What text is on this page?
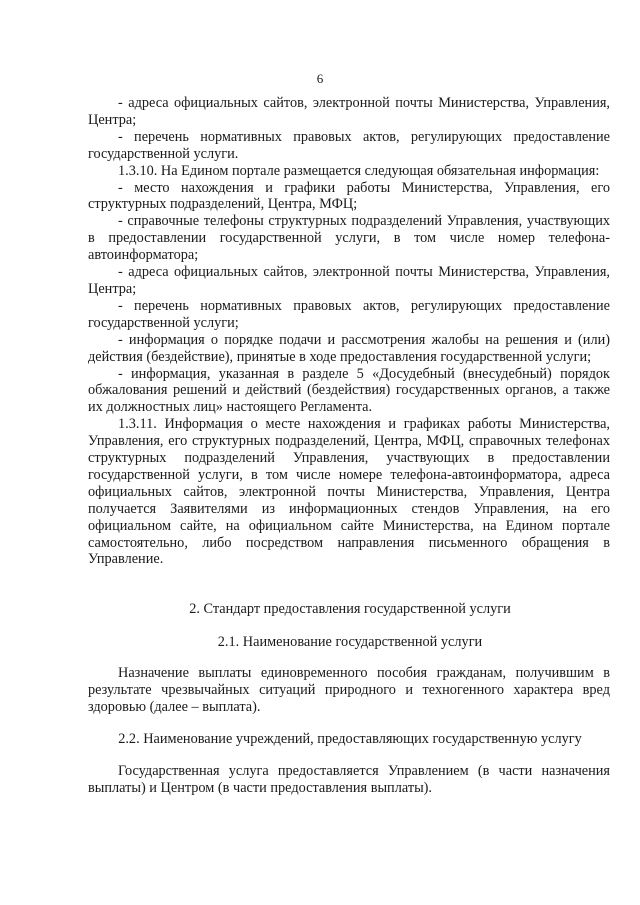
6

- адреса официальных сайтов, электронной почты Министерства, Управления, Центра;

- перечень нормативных правовых актов, регулирующих предоставление государственной услуги.

1.3.10. На Едином портале размещается следующая обязательная информация:

- место нахождения и графики работы Министерства, Управления, его структурных подразделений, Центра, МФЦ;

- справочные телефоны структурных подразделений Управления, участвующих в предоставлении государственной услуги, в том числе номер телефона-автоинформатора;

- адреса официальных сайтов, электронной почты Министерства, Управления, Центра;

- перечень нормативных правовых актов, регулирующих предоставление государственной услуги;

- информация о порядке подачи и рассмотрения жалобы на решения и (или) действия (бездействие), принятые в ходе предоставления государственной услуги;

- информация, указанная в разделе 5 «Досудебный (внесудебный) порядок обжалования решений и действий (бездействия) государственных органов, а также их должностных лиц» настоящего Регламента.

1.3.11. Информация о месте нахождения и графиках работы Министерства, Управления, его структурных подразделений, Центра, МФЦ, справочных телефонах структурных подразделений Управления, участвующих в предоставлении государственной услуги, в том числе номере телефона-автоинформатора, адреса официальных сайтов, электронной почты Министерства, Управления, Центра получается Заявителями из информационных стендов Управления, на его официальном сайте, на официальном сайте Министерства, на Едином портале самостоятельно, либо посредством направления письменного обращения в Управление.

2. Стандарт предоставления государственной услуги
2.1. Наименование государственной услуги

Назначение выплаты единовременного пособия гражданам, получившим в результате чрезвычайных ситуаций природного и техногенного характера вред здоровью (далее – выплата).

2.2. Наименование учреждений, предоставляющих государственную услугу

Государственная услуга предоставляется Управлением (в части назначения выплаты) и Центром (в части предоставления выплаты).
